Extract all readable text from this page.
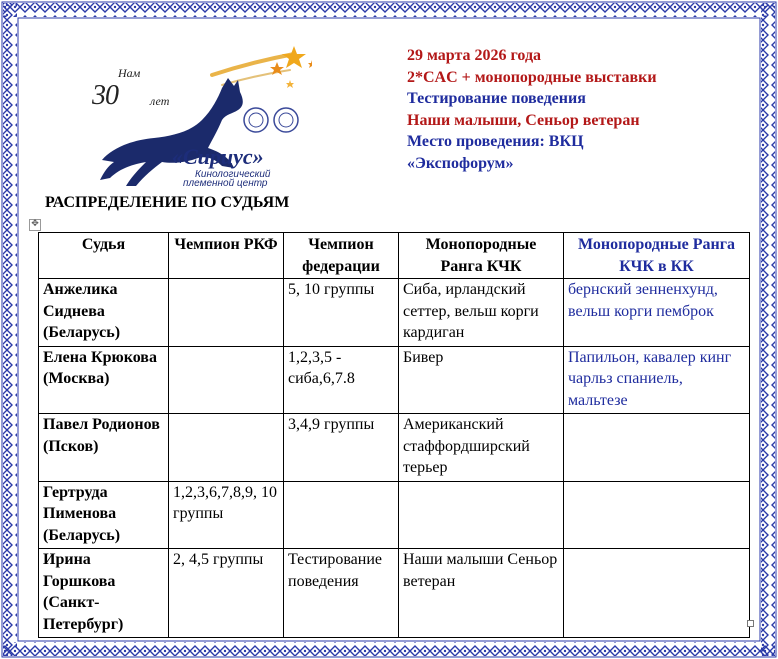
Нам
30	лет
«Сириус»
Кинологический
племенной центр
29 марта 2026 года
2*CAC + монопородные выставки
Тестирование поведения
Наши малыши, Сеньор ветеран
Место проведения: ВКЦ
«Экспофорум»
РАСПРЕДЕЛЕНИЕ ПО СУДЬЯМ
✥
Судья	Чемпион РКФ	Чемпион федерации	Монопородные Ранга КЧК	Монопородные Ранга КЧК в КК
Анжелика Сиднева (Беларусь)		5, 10 группы	Сиба, ирландский сеттер, вельш корги кардиган	бернский зенненхунд, вельш корги пемброк
Елена Крюкова (Москва)		1,2,3,5 - сиба,6,7.8	Бивер	Папильон, кавалер кинг чарльз спаниель, мальтезе
Павел Родионов (Псков)		3,4,9 группы	Американский стаффордширский терьер	
Гертруда Пименова (Беларусь)	1,2,3,6,7,8,9, 10 группы			
Ирина Горшкова (Санкт-Петербург)	2, 4,5 группы	Тестирование поведения	Наши малыши Сеньор ветеран	
